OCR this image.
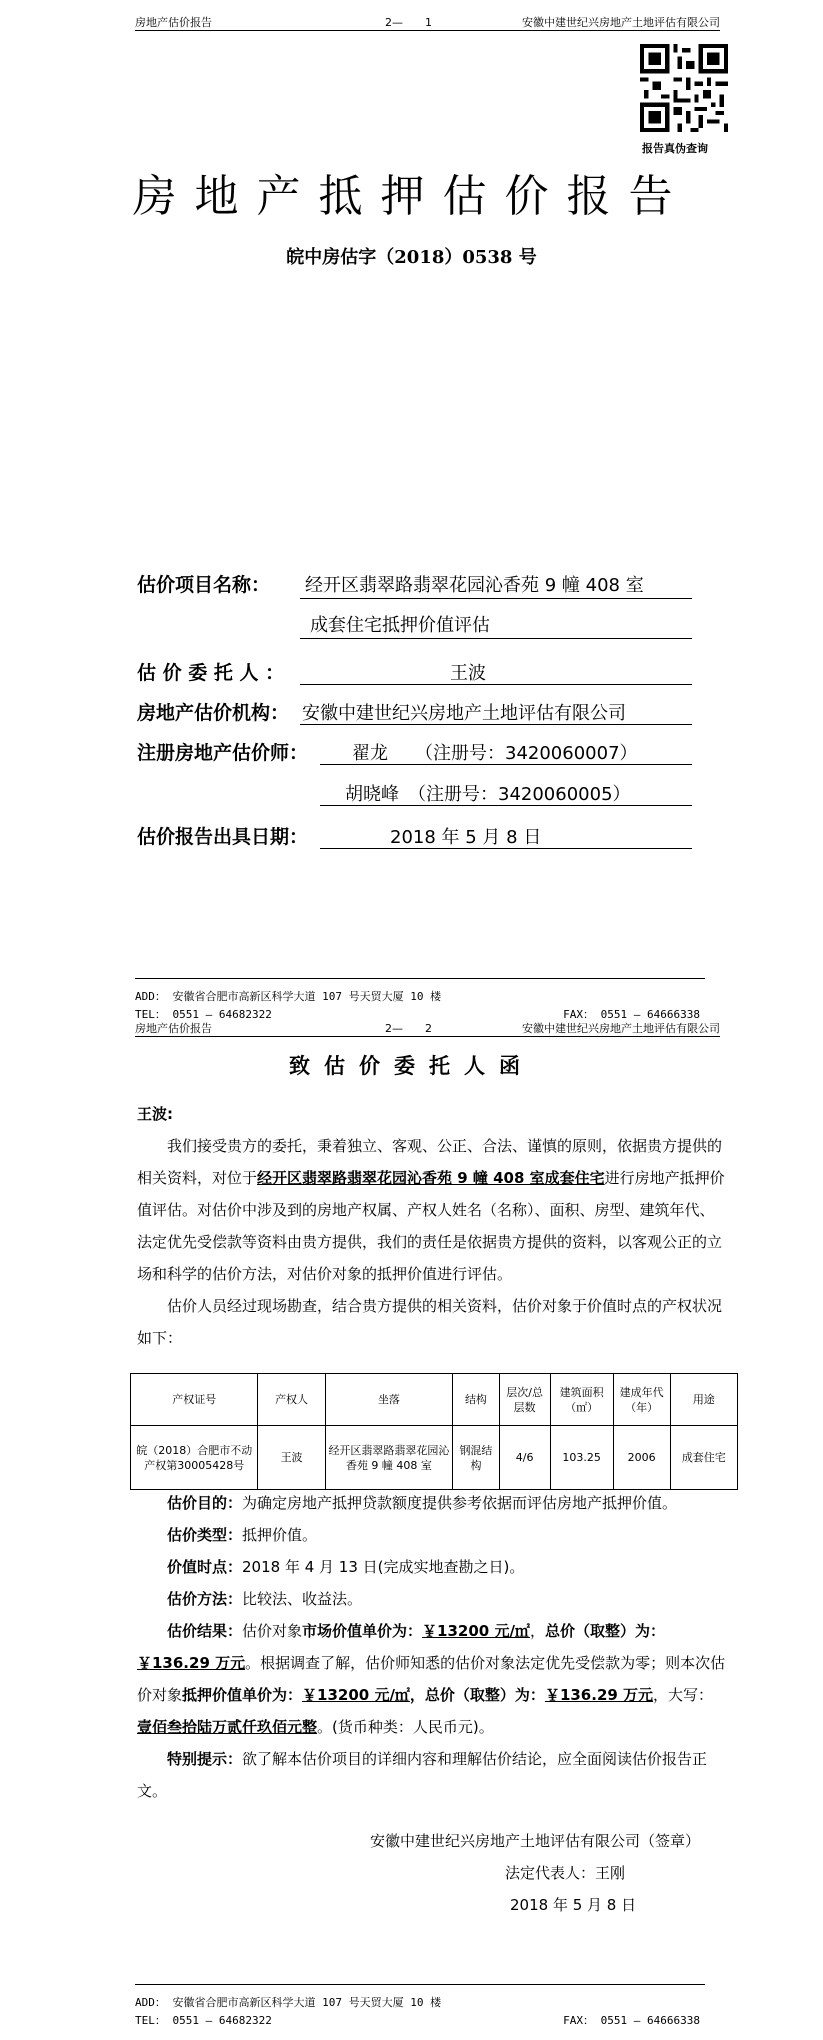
房地产估价报告	2—　　1	安徽中建世纪兴房地产土地评估有限公司
报告真伪查询
房地产抵押估价报告
皖中房估字（2018）0538 号
估价项目名称： 经开区翡翠路翡翠花园沁香苑 9 幢 408 室
成套住宅抵押价值评估
估 价 委 托 人 ：	王波
房地产估价机构： 安徽中建世纪兴房地产土地评估有限公司
注册房地产估价师： 翟龙　　（注册号：3420060007）
胡晓峰　（注册号：3420060005）
估价报告出具日期：	2018 年 5 月 8 日
ADD： 安徽省合肥市高新区科学大道 107 号天贸大厦 10 楼
TEL： 0551 — 64682322	FAX： 0551 — 64666338
房地产估价报告	2—　　2	安徽中建世纪兴房地产土地评估有限公司
致估价委托人函
王波:
我们接受贵方的委托，秉着独立、客观、公正、合法、谨慎的原则，依据贵方提供的相关资料，对位于经开区翡翠路翡翠花园沁香苑 9 幢 408 室成套住宅进行房地产抵押价值评估。对估价中涉及到的房地产权属、产权人姓名（名称）、面积、房型、建筑年代、法定优先受偿款等资料由贵方提供，我们的责任是依据贵方提供的资料，以客观公正的立场和科学的估价方法，对估价对象的抵押价值进行评估。
估价人员经过现场勘查，结合贵方提供的相关资料，估价对象于价值时点的产权状况如下：
产权证号	产权人	坐落	结构	层次/总层数	建筑面积（㎡）	建成年代（年）	用途
皖（2018）合肥市不动产权第30005428号	王波	经开区翡翠路翡翠花园沁香苑 9 幢 408 室	钢混结构	4/6	103.25	2006	成套住宅
估价目的：为确定房地产抵押贷款额度提供参考依据而评估房地产抵押价值。
估价类型：抵押价值。
价值时点：2018 年 4 月 13 日(完成实地查勘之日)。
估价方法：比较法、收益法。
估价结果：估价对象市场价值单价为：￥13200 元/㎡，总价（取整）为：￥136.29 万元。根据调查了解，估价师知悉的估价对象法定优先受偿款为零；则本次估价对象抵押价值单价为：￥13200 元/㎡，总价（取整）为：￥136.29 万元，大写：壹佰叁拾陆万贰仟玖佰元整。(货币种类：人民币元)。
特别提示：欲了解本估价项目的详细内容和理解估价结论，应全面阅读估价报告正文。
安徽中建世纪兴房地产土地评估有限公司（签章）
法定代表人：王刚
2018 年 5 月 8 日
ADD： 安徽省合肥市高新区科学大道 107 号天贸大厦 10 楼
TEL： 0551 — 64682322	FAX： 0551 — 64666338
